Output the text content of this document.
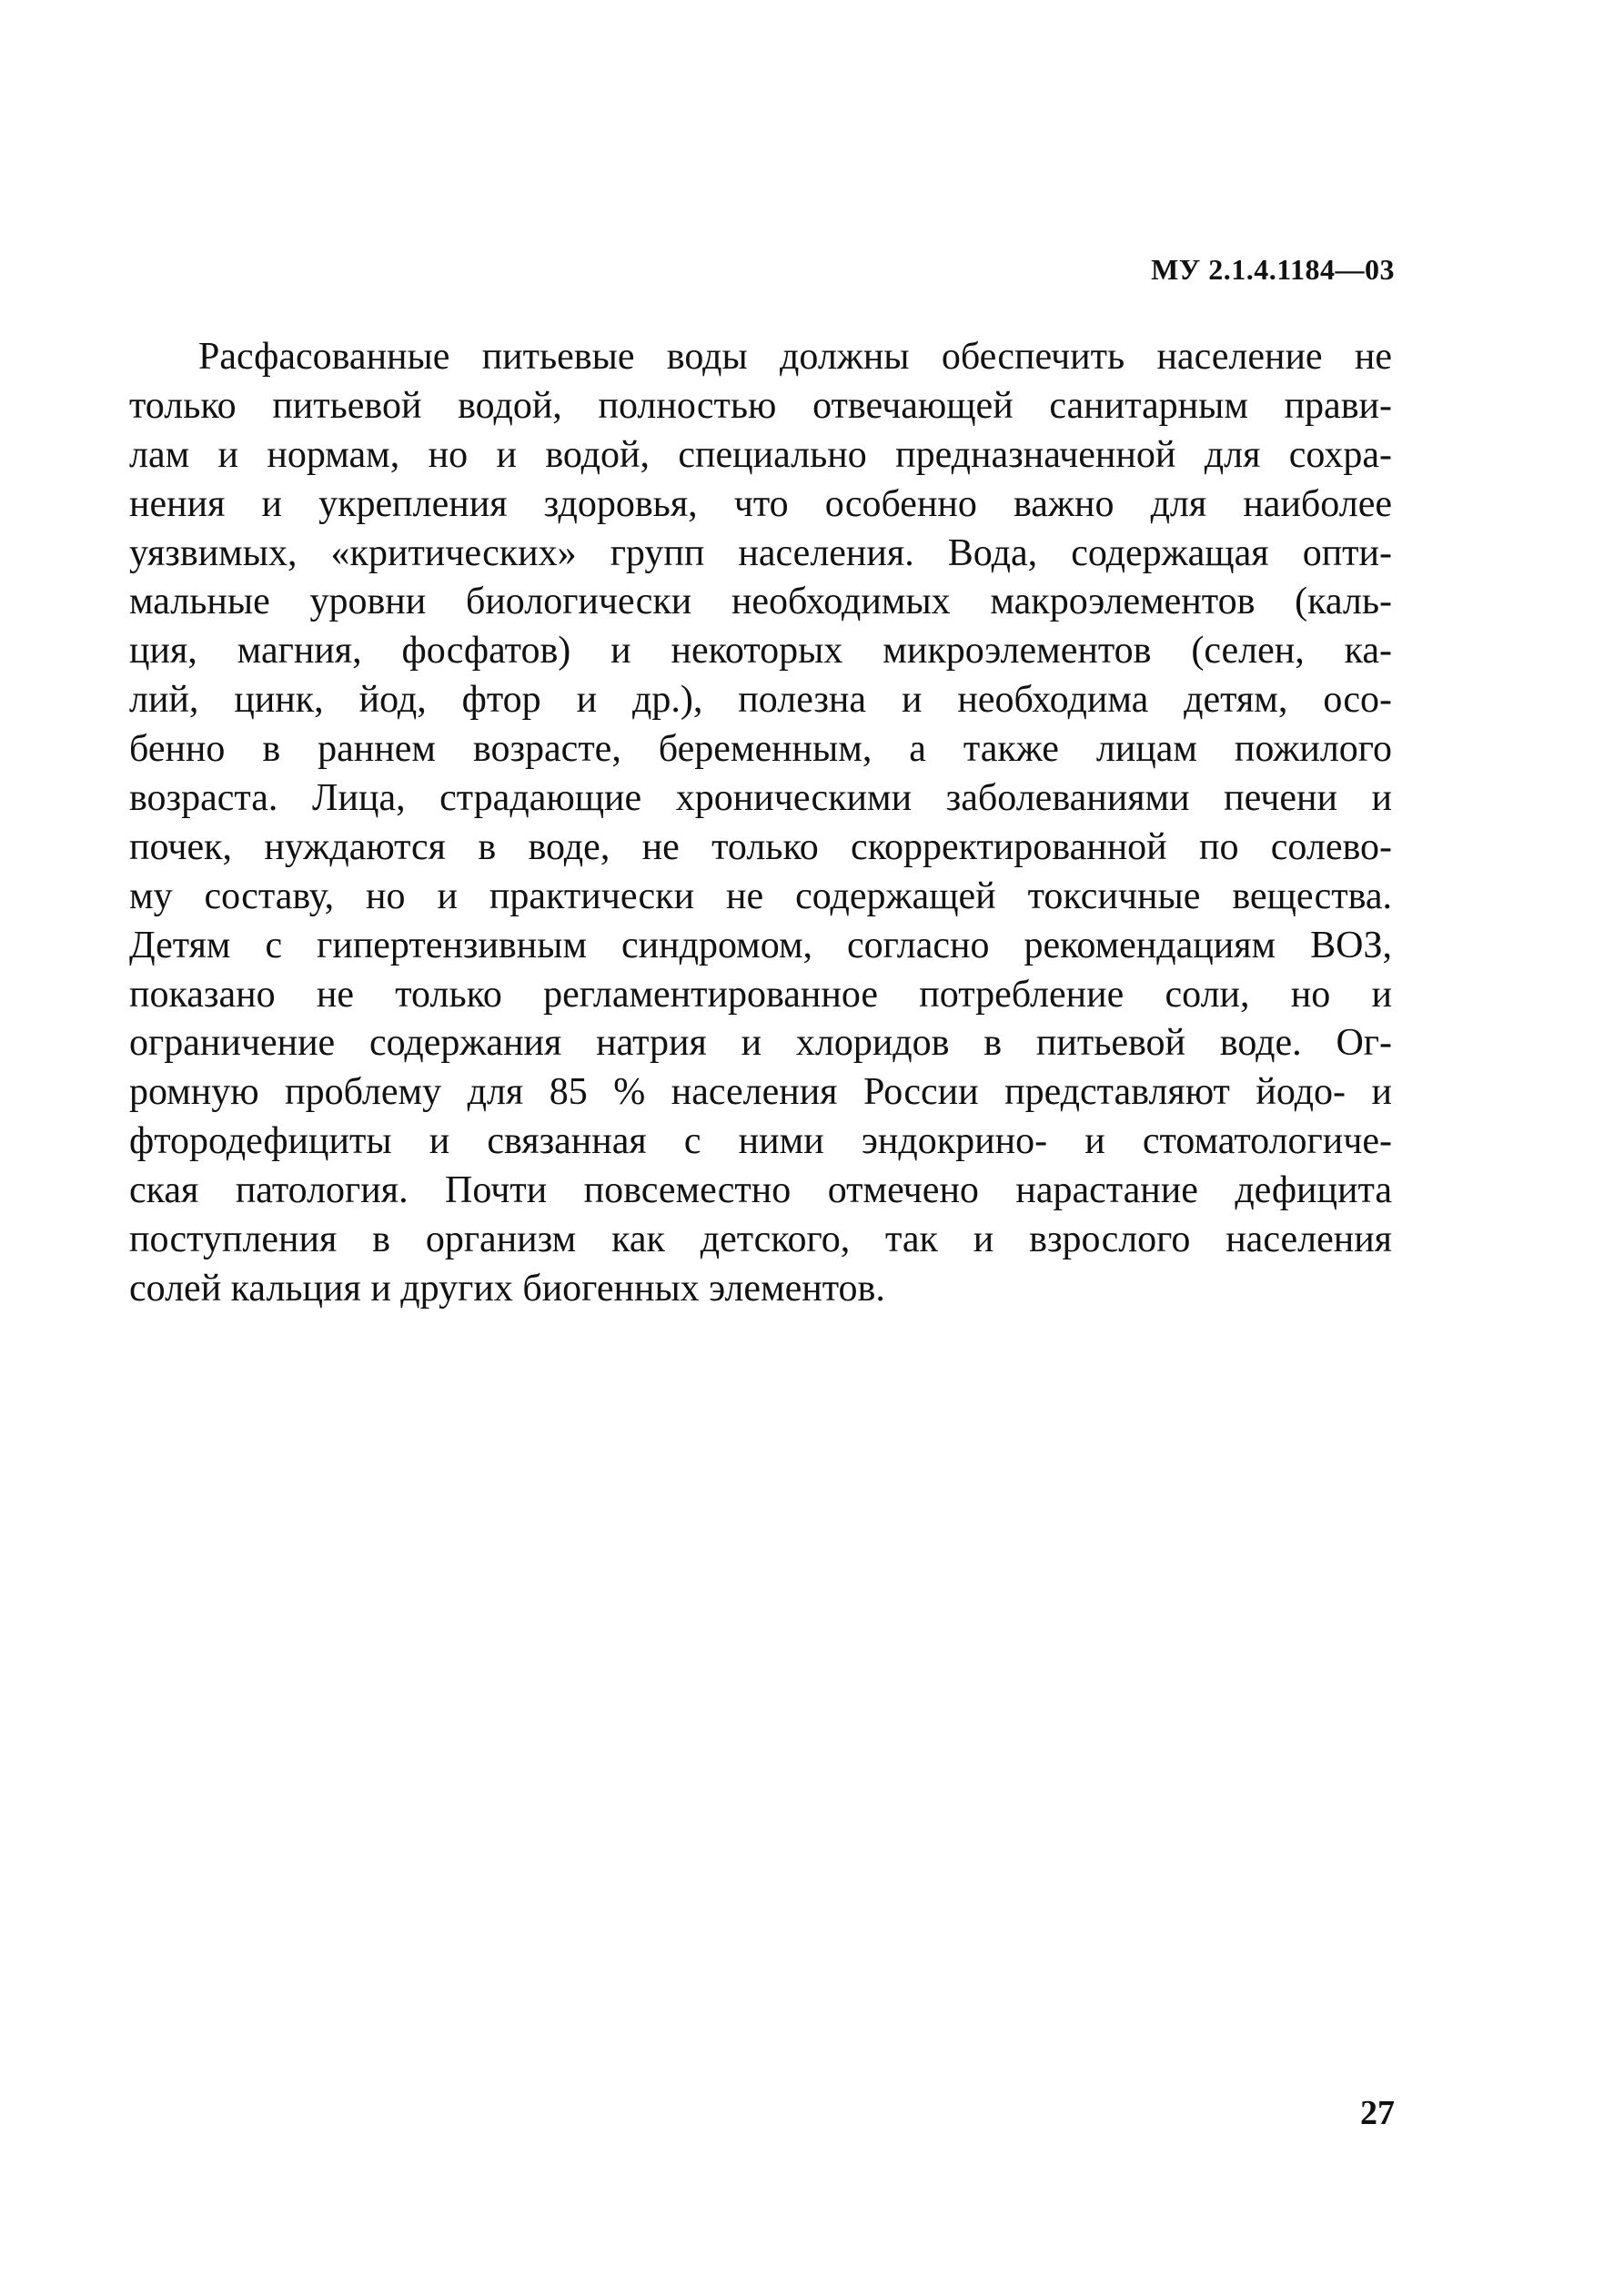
МУ 2.1.4.1184—03
Расфасованные питьевые воды должны обеспечить население не
только питьевой водой, полностью отвечающей санитарным прави-
лам и нормам, но и водой, специально предназначенной для сохра-
нения и укрепления здоровья, что особенно важно для наиболее
уязвимых, «критических» групп населения. Вода, содержащая опти-
мальные уровни биологически необходимых макроэлементов (каль-
ция, магния, фосфатов) и некоторых микроэлементов (селен, ка-
лий, цинк, йод, фтор и др.), полезна и необходима детям, осо-
бенно в раннем возрасте, беременным, а также лицам пожилого
возраста. Лица, страдающие хроническими заболеваниями печени и
почек, нуждаются в воде, не только скорректированной по солево-
му составу, но и практически не содержащей токсичные вещества.
Детям с гипертензивным синдромом, согласно рекомендациям ВОЗ,
показано не только регламентированное потребление соли, но и
ограничение содержания натрия и хлоридов в питьевой воде. Ог-
ромную проблему для 85 % населения России представляют йодо- и
фтородефициты и связанная с ними эндокрино- и стоматологиче-
ская патология. Почти повсеместно отмечено нарастание дефицита
поступления в организм как детского, так и взрослого населения
солей кальция и других биогенных элементов.
27
